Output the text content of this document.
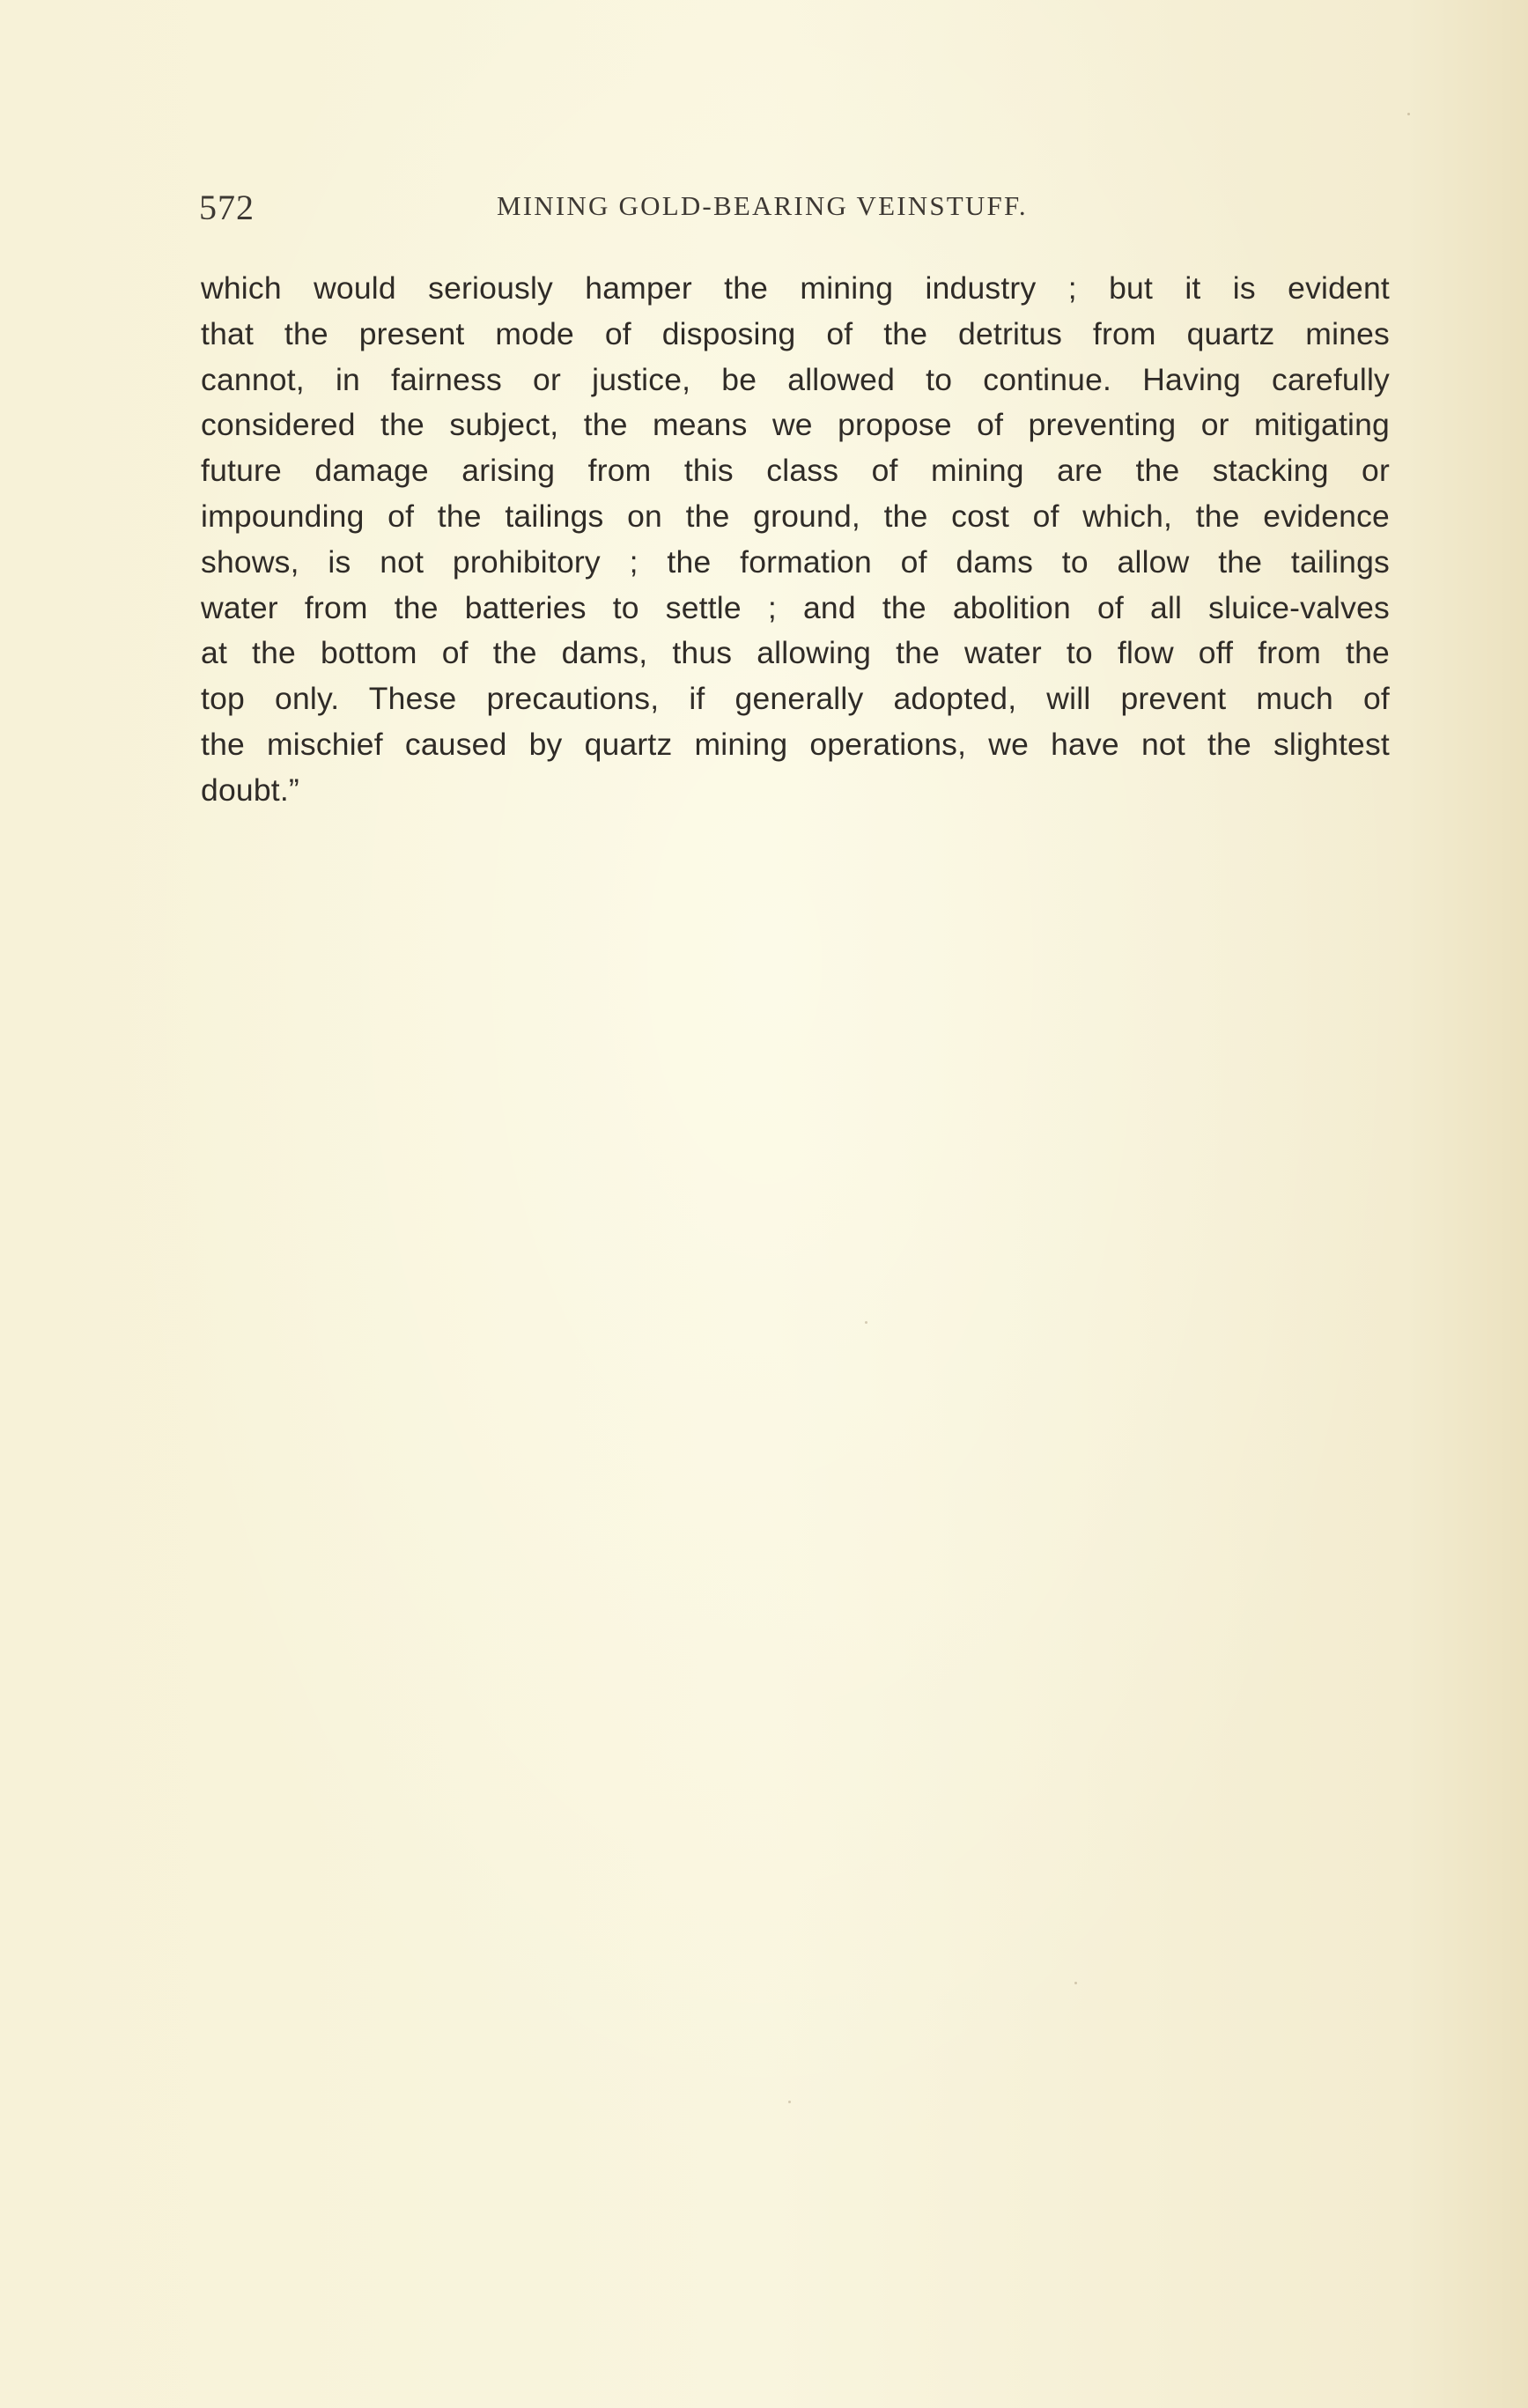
572	MINING GOLD-BEARING VEINSTUFF.
which would seriously hamper the mining industry ; but it is evident
that the present mode of disposing of the detritus from quartz mines
cannot, in fairness or justice, be allowed to continue. Having carefully
considered the subject, the means we propose of preventing or mitigating
future damage arising from this class of mining are the stacking or
impounding of the tailings on the ground, the cost of which, the evidence
shows, is not prohibitory ; the formation of dams to allow the tailings
water from the batteries to settle ; and the abolition of all sluice-valves
at the bottom of the dams, thus allowing the water to flow off from the
top only. These precautions, if generally adopted, will prevent much of
the mischief caused by quartz mining operations, we have not the slightest
doubt.”
